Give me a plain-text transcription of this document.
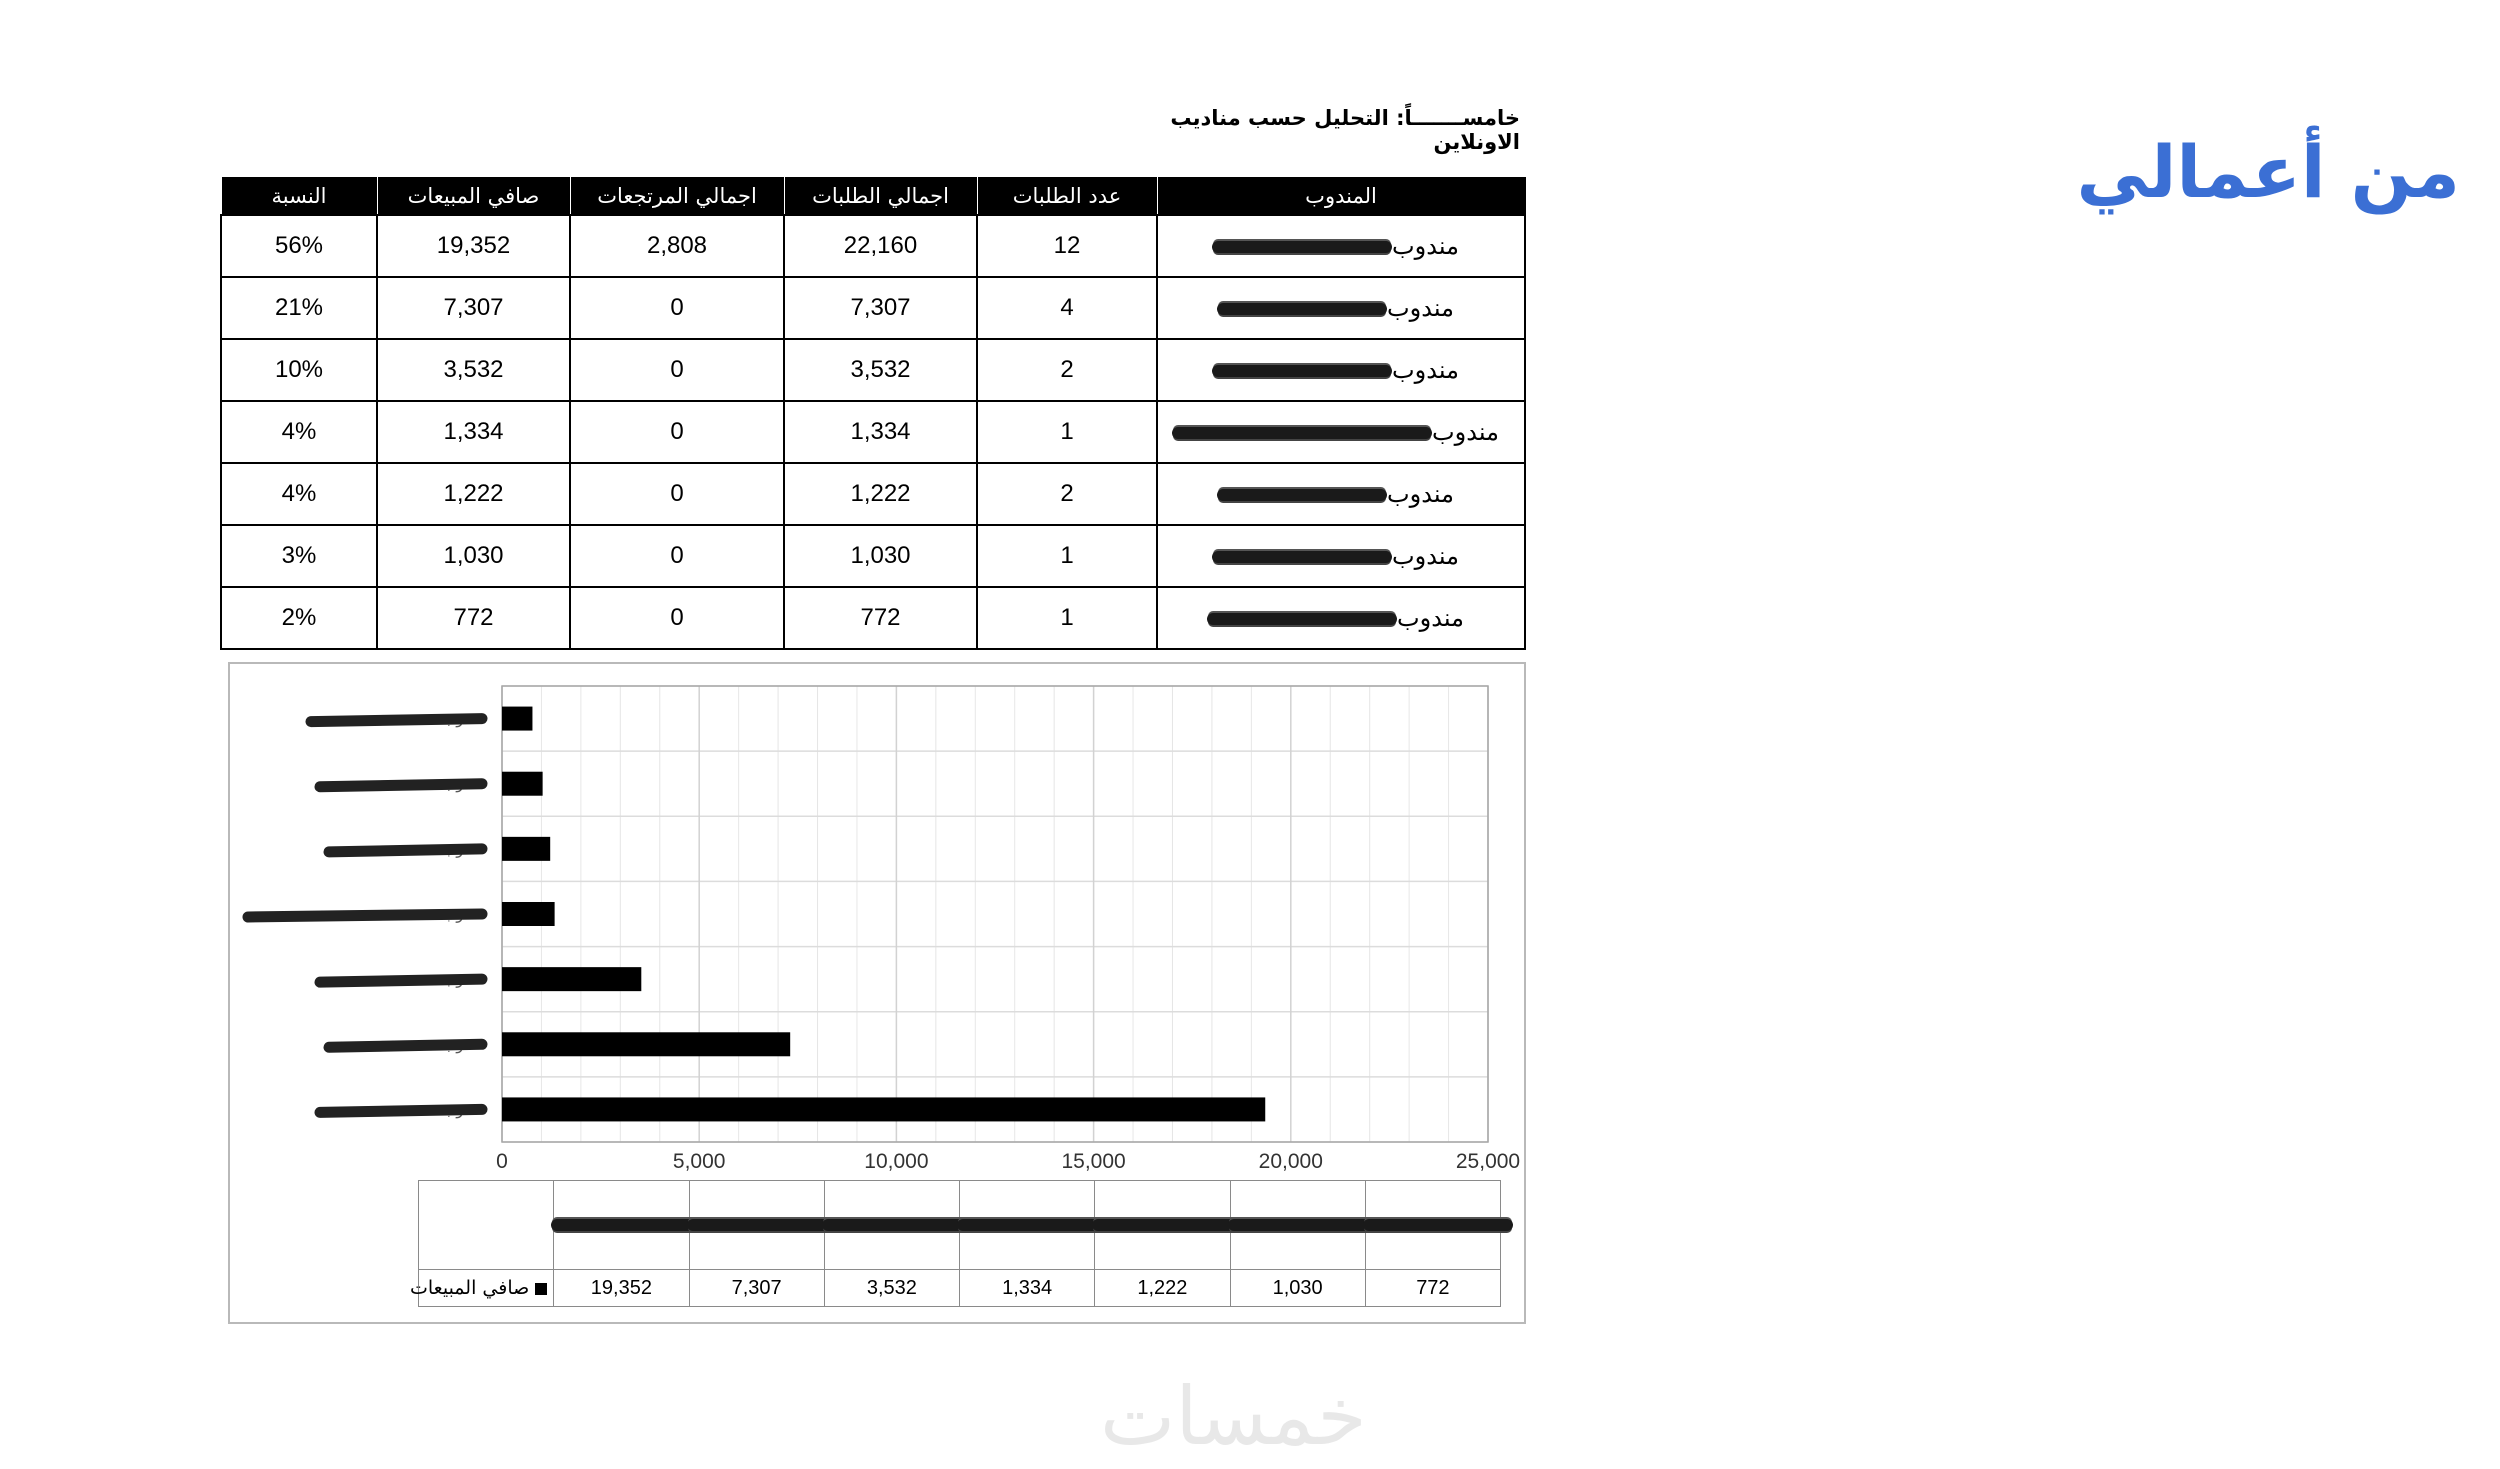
من أعمالي
خامســـــــاً: التحليل حسب مناديب الاونلاين
المندوب	عدد الطلبات	اجمالي الطلبات	اجمالي المرتجعات	صافي المبيعات	النسبة
مندوب	12	22,160	2,808	19,352	56%
مندوب	4	7,307	0	7,307	21%
مندوب	2	3,532	0	3,532	10%
مندوب	1	1,334	0	1,334	4%
مندوب	2	1,222	0	1,222	4%
مندوب	1	1,030	0	1,030	3%
مندوب	1	772	0	772	2%
مندوب
مندوب
مندوب
مندوب
مندوب
مندوب
مندوب
0	5,000	10,000	15,000	20,000	25,000

صافي المبيعات	19,352	7,307	3,532	1,334	1,222	1,030	772
خمسات
